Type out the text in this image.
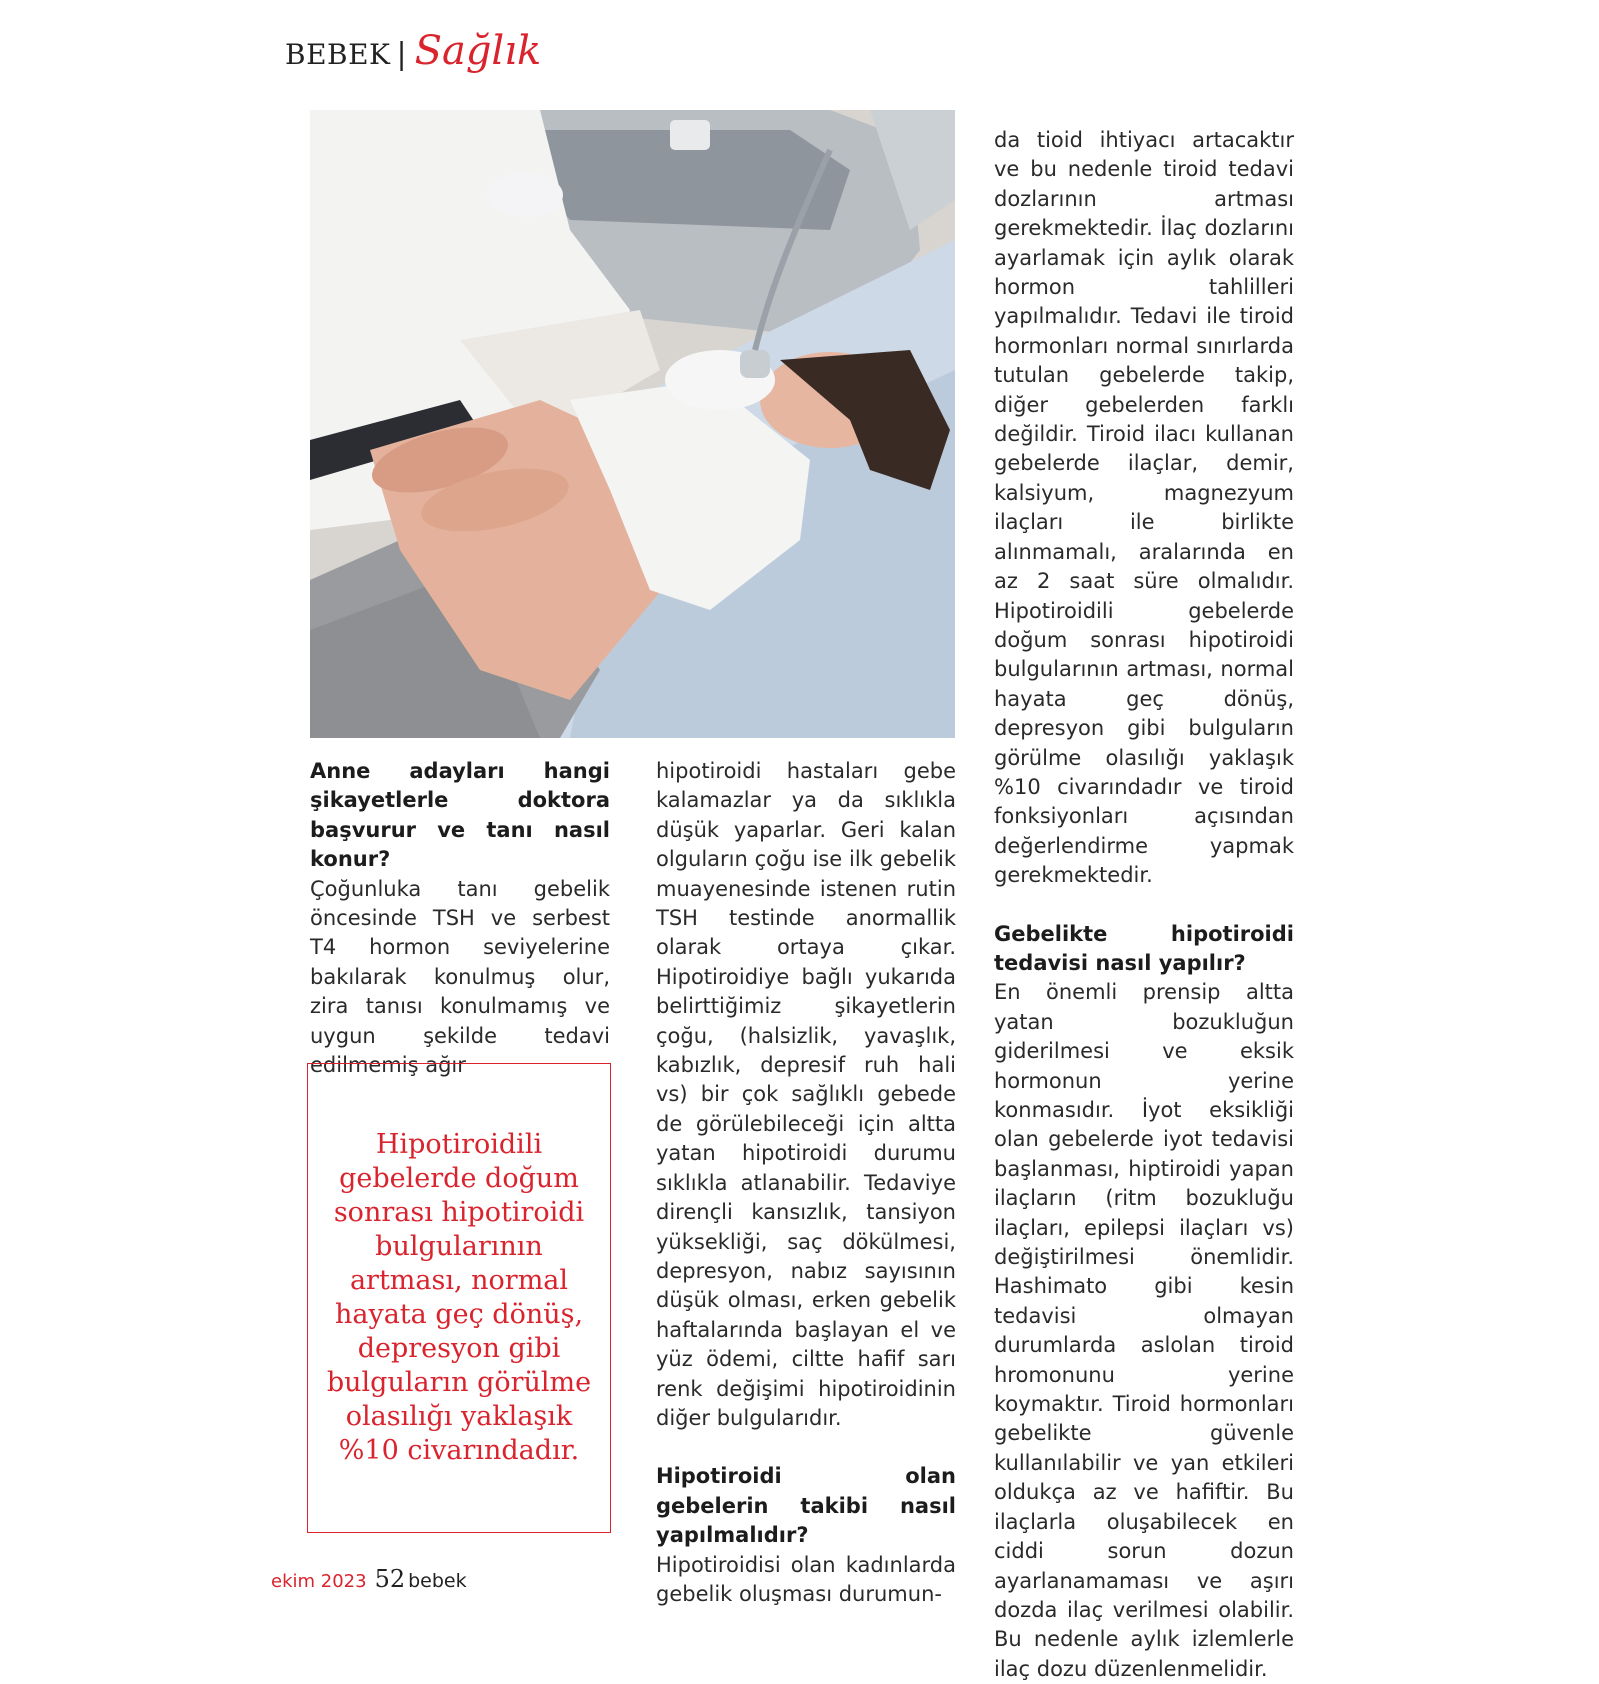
BEBEK | Sağlık
Anne adayları hangi şikayetlerle doktora başvurur ve tanı nasıl konur?

Çoğunluka tanı gebelik öncesinde TSH ve serbest T4 hormon seviyelerine bakılarak konulmuş olur, zira tanısı konulmamış ve uygun şekilde tedavi edilmemiş ağır

Hipotiroidili gebelerde doğum sonrası hipotiroidi bulgularının artması, normal hayata geç dönüş, depresyon gibi bulguların görülme olasılığı yaklaşık %10 civarındadır.

hipotiroidi hastaları gebe kalamazlar ya da sıklıkla düşük yaparlar. Geri kalan olguların çoğu ise ilk gebelik muayenesinde istenen rutin TSH testinde anormallik olarak ortaya çıkar. Hipotiroidiye bağlı yukarıda belirttiğimiz şikayetlerin çoğu, (halsizlik, yavaşlık, kabızlık, depresif ruh hali vs) bir çok sağlıklı gebede de görülebileceği için altta yatan hipotiroidi durumu sıklıkla atlanabilir. Tedaviye dirençli kansızlık, tansiyon yüksekliği, saç dökülmesi, depresyon, nabız sayısının düşük olması, erken gebelik haftalarında başlayan el ve yüz ödemi, ciltte hafif sarı renk değişimi hipotiroidinin diğer bulgularıdır.

Hipotiroidi olan gebelerin takibi nasıl yapılmalıdır?

Hipotiroidisi olan kadınlarda gebelik oluşması durumun-

da tioid ihtiyacı artacaktır ve bu nedenle tiroid tedavi dozlarının artması gerekmektedir. İlaç dozlarını ayarlamak için aylık olarak hormon tahlilleri yapılmalıdır. Tedavi ile tiroid hormonları normal sınırlarda tutulan gebelerde takip, diğer gebelerden farklı değildir. Tiroid ilacı kullanan gebelerde ilaçlar, demir, kalsiyum, magnezyum ilaçları ile birlikte alınmamalı, aralarında en az 2 saat süre olmalıdır. Hipotiroidili gebelerde doğum sonrası hipotiroidi bulgularının artması, normal hayata geç dönüş, depresyon gibi bulguların görülme olasılığı yaklaşık %10 civarındadır ve tiroid fonksiyonları açısından değerlendirme yapmak gerekmektedir.

Gebelikte hipotiroidi tedavisi nasıl yapılır?

En önemli prensip altta yatan bozukluğun giderilmesi ve eksik hormonun yerine konmasıdır. İyot eksikliği olan gebelerde iyot tedavisi başlanması, hiptiroidi yapan ilaçların (ritm bozukluğu ilaçları, epilepsi ilaçları vs) değiştirilmesi önemlidir. Hashimato gibi kesin tedavisi olmayan durumlarda aslolan tiroid hromonunu yerine koymaktır. Tiroid hormonları gebelikte güvenle kullanılabilir ve yan etkileri oldukça az ve hafiftir. Bu ilaçlarla oluşabilecek en ciddi sorun dozun ayarlanamaması ve aşırı dozda ilaç verilmesi olabilir. Bu nedenle aylık izlemlerle ilaç dozu düzenlenmelidir.

ekim 2023 52 bebek
